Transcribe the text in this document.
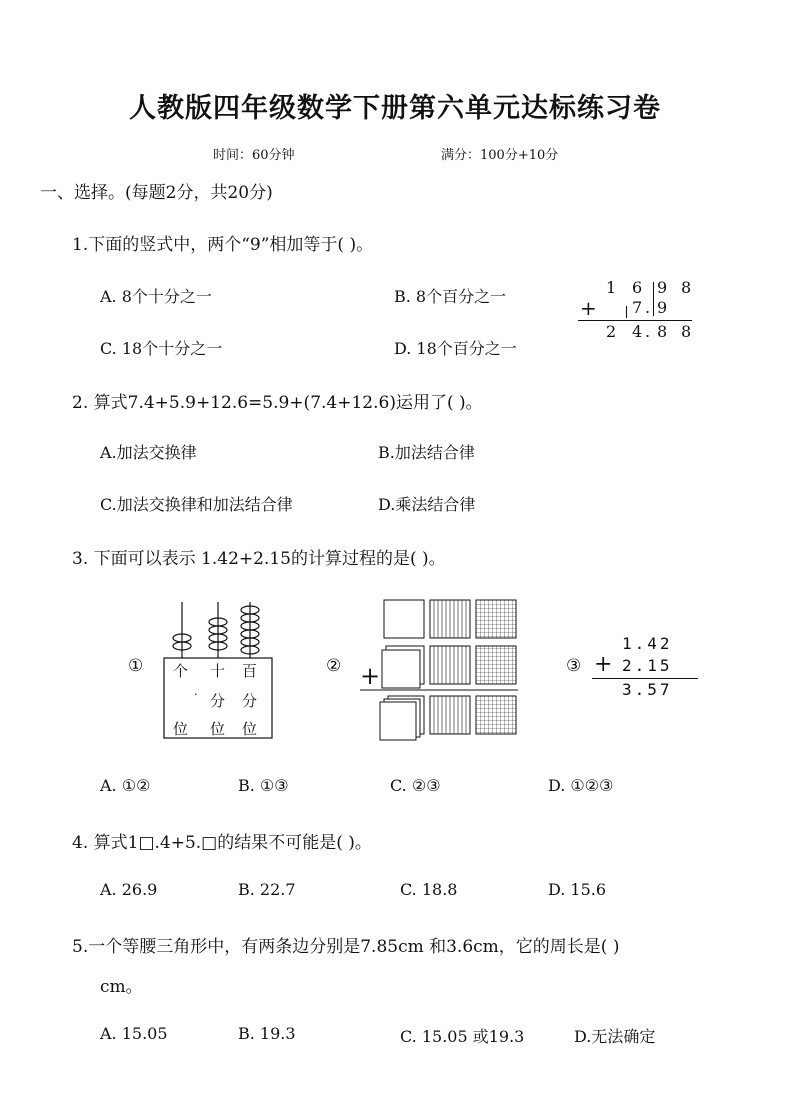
人教版四年级数学下册第六单元达标练习卷
时间：60分钟	满分：100分+10分
一、选择。(每题2分，共20分)
1.下面的竖式中，两个“9”相加等于( )。
A. 8个十分之一	B. 8个百分之一
C. 18个十分之一	D. 18个百分之一
1 6 9 8
+ 7 . 9
2 4 . 8 8
2. 算式7.4+5.9+12.6=5.9+(7.4+12.6)运用了( )。
A.加法交换律	B.加法结合律
C.加法交换律和加法结合律	D.乘法结合律
3. 下面可以表示 1.42+2.15的计算过程的是( )。
① 个 十 百
· 分 分
位 位 位
② +	③
1.42
+ 2.15
3.57
A. ①②	B. ①③	C. ②③	D. ①②③
4. 算式1□.4+5.□的结果不可能是( )。
A. 26.9	B. 22.7	C. 18.8	D. 15.6
5.一个等腰三角形中，有两条边分别是7.85cm 和3.6cm，它的周长是( )
cm。
A. 15.05	B. 19.3	C. 15.05 或19.3	D.无法确定
